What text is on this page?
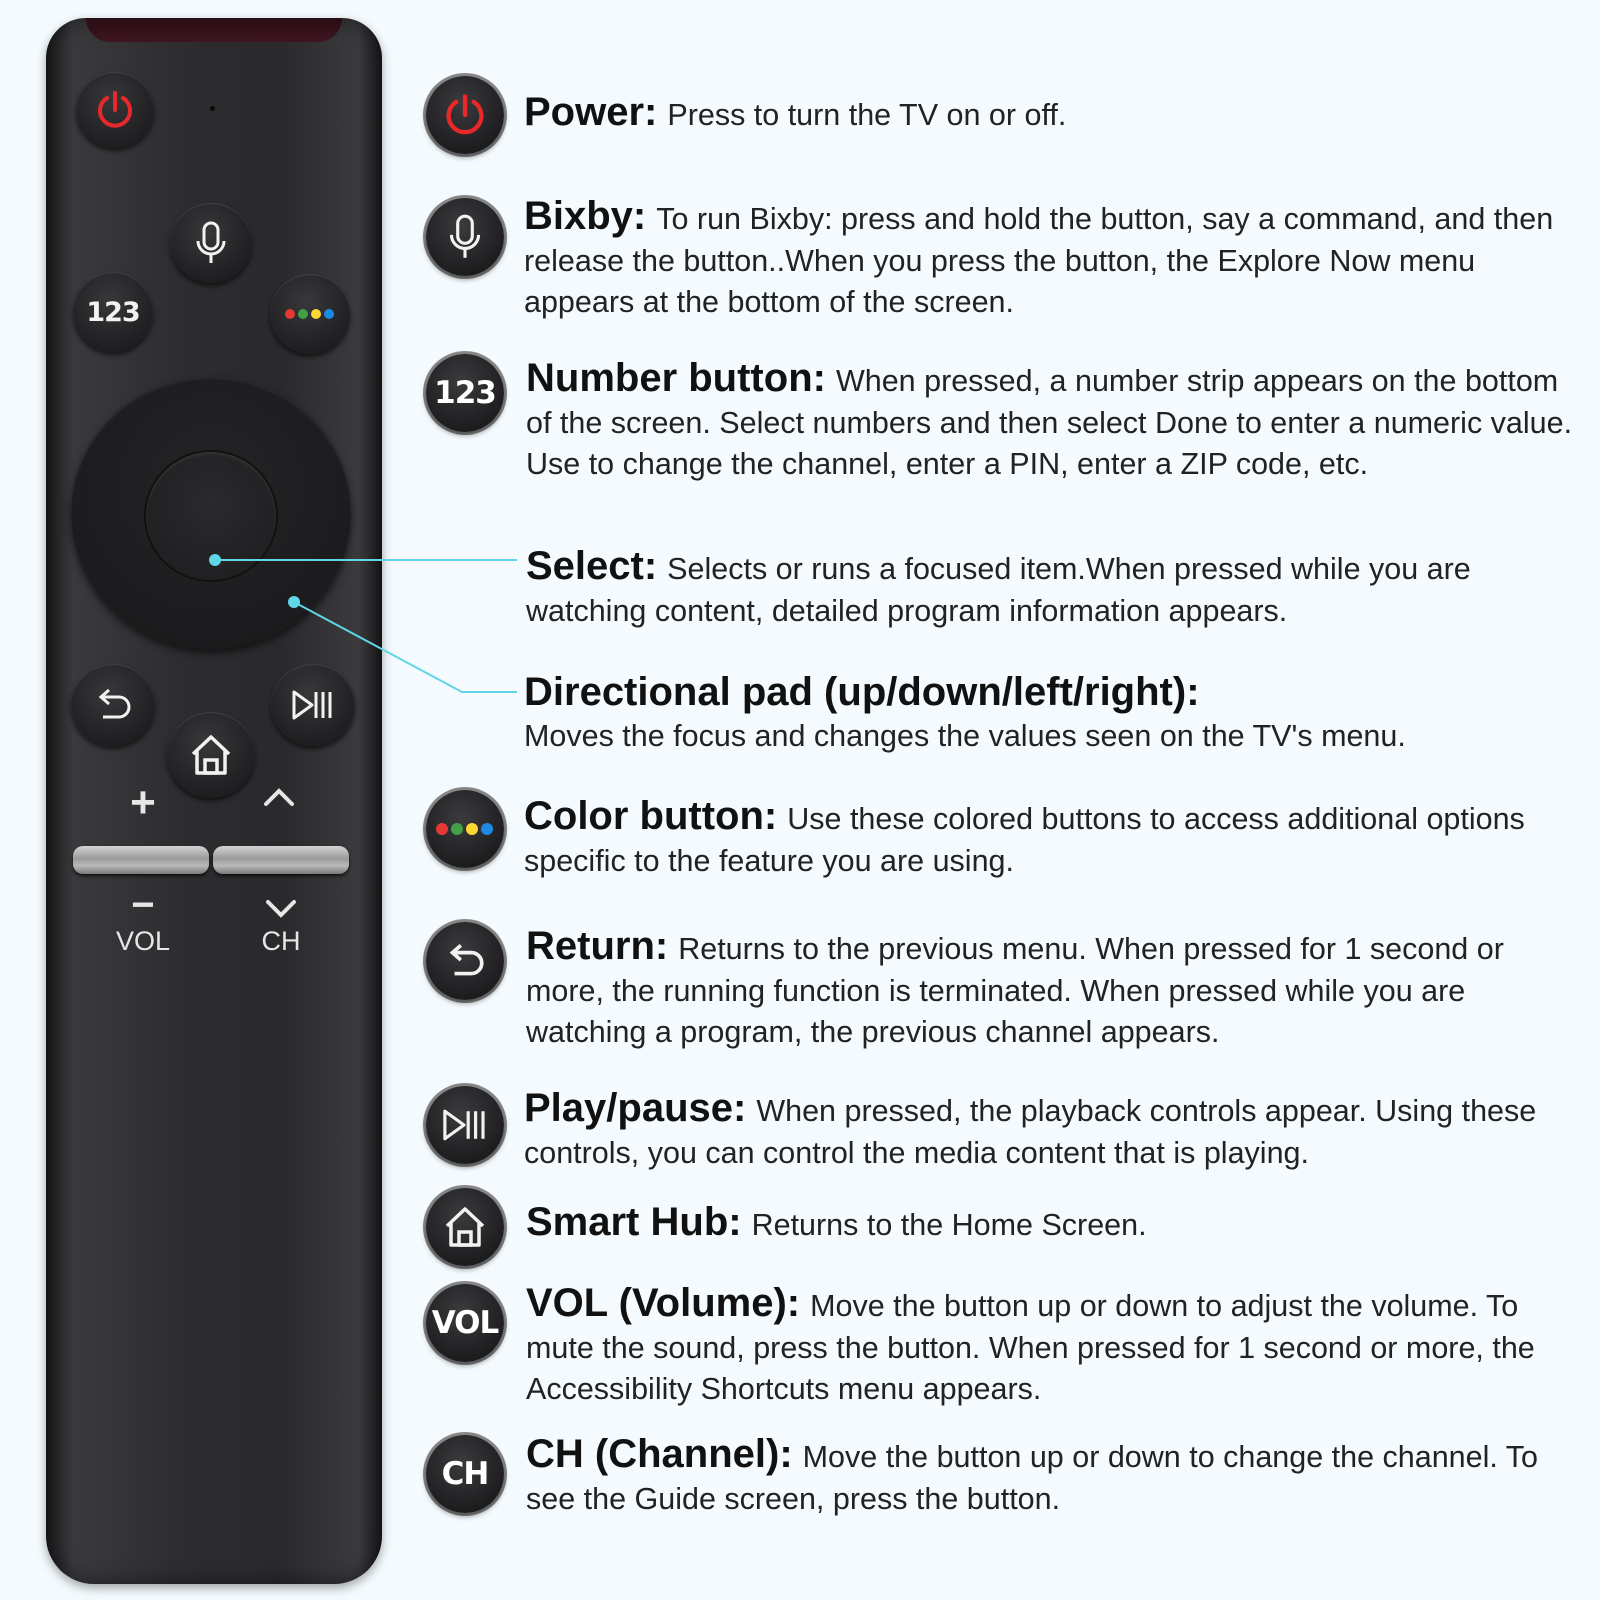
123
+
−
VOL	CH
123
VOL
CH
Power: Press to turn the TV on or off.
Bixby: To run Bixby: press and hold the button, say a command, and then release the button..When you press the button, the Explore Now menu appears at the bottom of the screen.
Number button: When pressed, a number strip appears on the bottom of the screen. Select numbers and then select Done to enter a numeric value. Use to change the channel, enter a PIN, enter a ZIP code, etc.
Select: Selects or runs a focused item.When pressed while you are watching content, detailed program information appears.
Directional pad (up/down/left/right):
Moves the focus and changes the values seen on the TV's menu.
Color button: Use these colored buttons to access additional options specific to the feature you are using.
Return: Returns to the previous menu. When pressed for 1 second or more, the running function is terminated. When pressed while you are watching a program, the previous channel appears.
Play/pause: When pressed, the playback controls appear. Using these controls, you can control the media content that is playing.
Smart Hub: Returns to the Home Screen.
VOL (Volume): Move the button up or down to adjust the volume. To mute the sound, press the button. When pressed for 1 second or more, the Accessibility Shortcuts menu appears.
CH (Channel): Move the button up or down to change the channel. To see the Guide screen, press the button.
